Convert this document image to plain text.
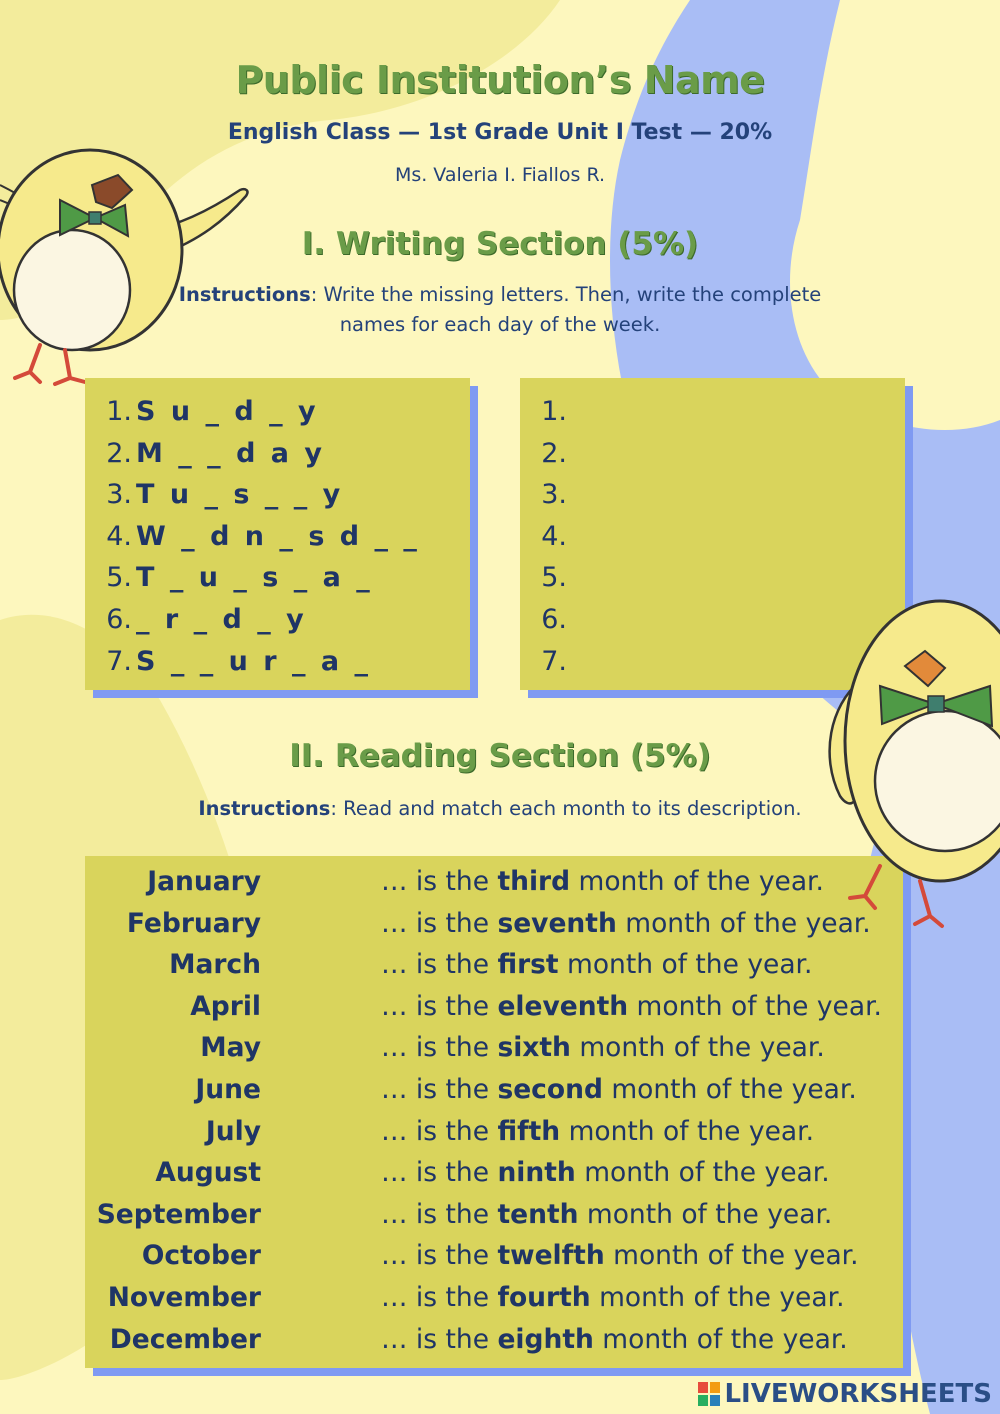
Public Institution’s Name

English Class — 1st Grade Unit I Test — 20%

Ms. Valeria I. Fiallos R.

I. Writing Section (5%)

Instructions: Write the missing letters. Then, write the complete names for each day of the week.

1. S u _ d _ y
2. M _ _ d a y
3. T u _ s _ _ y
4. W _ d n _ s d _ _
5. T _ u _ s _ a _
6. _ r _ d _ y
7. S _ _ u r _ a _
1.
2.
3.
4.
5.
6.
7.
II. Reading Section (5%)

Instructions: Read and match each month to its description.

January	… is the third month of the year.
February	… is the seventh month of the year.
March	… is the first month of the year.
April	… is the eleventh month of the year.
May	… is the sixth month of the year.
June	… is the second month of the year.
July	… is the fifth month of the year.
August	… is the ninth month of the year.
September	… is the tenth month of the year.
October	… is the twelfth month of the year.
November	… is the fourth month of the year.
December	… is the eighth month of the year.
LIVEWORKSHEETS
